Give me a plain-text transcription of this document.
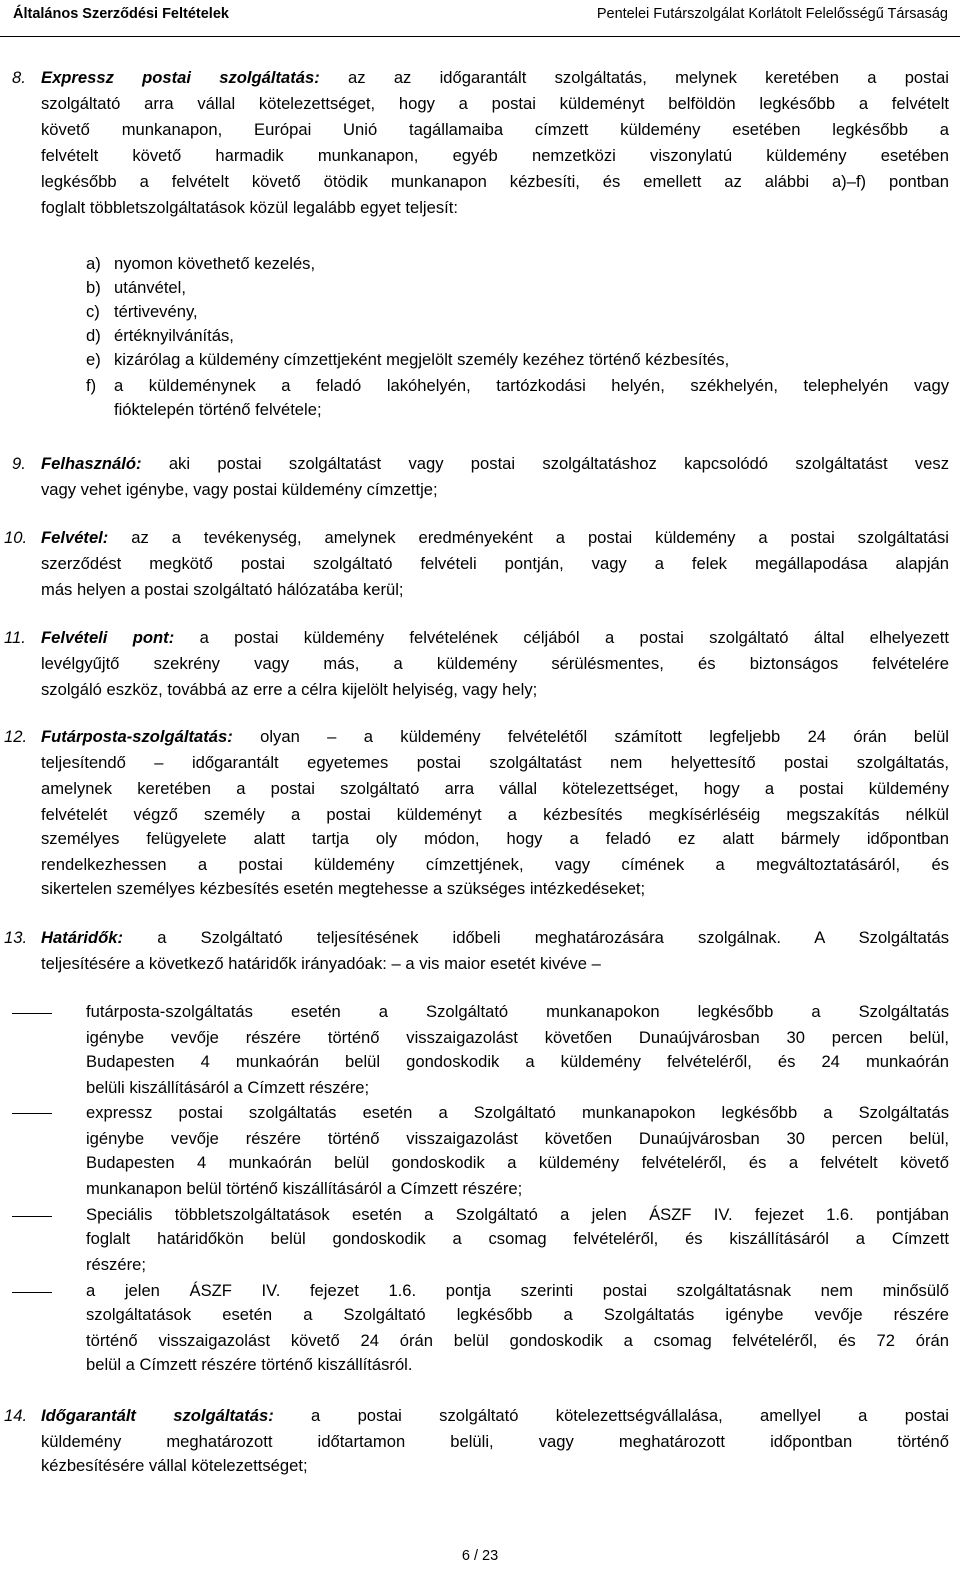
Általános Szerződési Feltételek	Pentelei Futárszolgálat Korlátolt Felelősségű Társaság
8. Expressz postai szolgáltatás: az az időgarantált szolgáltatás, melynek keretében a postai
szolgáltató arra vállal kötelezettséget, hogy a postai küldeményt belföldön legkésőbb a felvételt
követő munkanapon, Európai Unió tagállamaiba címzett küldemény esetében legkésőbb a
felvételt követő harmadik munkanapon, egyéb nemzetközi viszonylatú küldemény esetében
legkésőbb a felvételt követő ötödik munkanapon kézbesíti, és emellett az alábbi a)–f) pontban
foglalt többletszolgáltatások közül legalább egyet teljesít:
a) nyomon követhető kezelés,
b) utánvétel,
c) tértivevény,
d) értéknyilvánítás,
e) kizárólag a küldemény címzettjeként megjelölt személy kezéhez történő kézbesítés,
f) a küldeménynek a feladó lakóhelyén, tartózkodási helyén, székhelyén, telephelyén vagy
fióktelepén történő felvétele;
9. Felhasználó: aki postai szolgáltatást vagy postai szolgáltatáshoz kapcsolódó szolgáltatást vesz
vagy vehet igénybe, vagy postai küldemény címzettje;
10. Felvétel: az a tevékenység, amelynek eredményeként a postai küldemény a postai szolgáltatási
szerződést megkötő postai szolgáltató felvételi pontján, vagy a felek megállapodása alapján
más helyen a postai szolgáltató hálózatába kerül;
11. Felvételi pont: a postai küldemény felvételének céljából a postai szolgáltató által elhelyezett
levélgyűjtő szekrény vagy más, a küldemény sérülésmentes, és biztonságos felvételére
szolgáló eszköz, továbbá az erre a célra kijelölt helyiség, vagy hely;
12. Futárposta-szolgáltatás: olyan – a küldemény felvételétől számított legfeljebb 24 órán belül
teljesítendő – időgarantált egyetemes postai szolgáltatást nem helyettesítő postai szolgáltatás,
amelynek keretében a postai szolgáltató arra vállal kötelezettséget, hogy a postai küldemény
felvételét végző személy a postai küldeményt a kézbesítés megkísérléséig megszakítás nélkül
személyes felügyelete alatt tartja oly módon, hogy a feladó ez alatt bármely időpontban
rendelkezhessen a postai küldemény címzettjének, vagy címének a megváltoztatásáról, és
sikertelen személyes kézbesítés esetén megtehesse a szükséges intézkedéseket;
13. Határidők: a Szolgáltató teljesítésének időbeli meghatározására szolgálnak. A Szolgáltatás
teljesítésére a következő határidők irányadóak: – a vis maior esetét kivéve –
futárposta-szolgáltatás esetén a Szolgáltató munkanapokon legkésőbb a Szolgáltatás
igénybe vevője részére történő visszaigazolást követően Dunaújvárosban 30 percen belül,
Budapesten 4 munkaórán belül gondoskodik a küldemény felvételéről, és 24 munkaórán
belüli kiszállításáról a Címzett részére;
expressz postai szolgáltatás esetén a Szolgáltató munkanapokon legkésőbb a Szolgáltatás
igénybe vevője részére történő visszaigazolást követően Dunaújvárosban 30 percen belül,
Budapesten 4 munkaórán belül gondoskodik a küldemény felvételéről, és a felvételt követő
munkanapon belül történő kiszállításáról a Címzett részére;
Speciális többletszolgáltatások esetén a Szolgáltató a jelen ÁSZF IV. fejezet 1.6. pontjában
foglalt határidőkön belül gondoskodik a csomag felvételéről, és kiszállításáról a Címzett
részére;
a jelen ÁSZF IV. fejezet 1.6. pontja szerinti postai szolgáltatásnak nem minősülő
szolgáltatások esetén a Szolgáltató legkésőbb a Szolgáltatás igénybe vevője részére
történő visszaigazolást követő 24 órán belül gondoskodik a csomag felvételéről, és 72 órán
belül a Címzett részére történő kiszállításról.
14. Időgarantált szolgáltatás: a postai szolgáltató kötelezettségvállalása, amellyel a postai
küldemény meghatározott időtartamon belüli, vagy meghatározott időpontban történő
kézbesítésére vállal kötelezettséget;
6 / 23
